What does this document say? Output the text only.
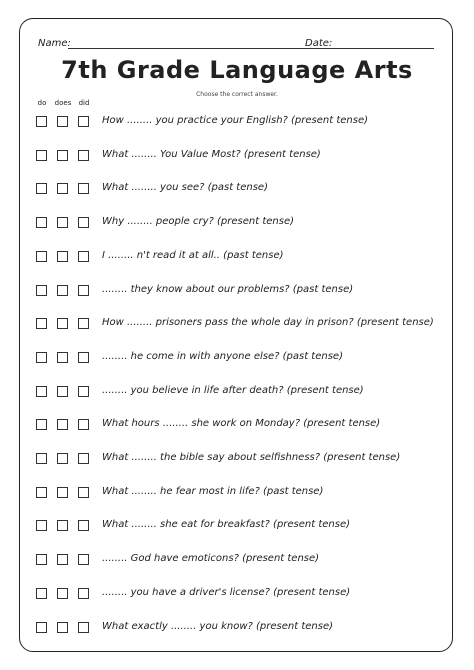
Name:	Date:
7th Grade Language Arts
Choose the correct answer.
do	does	did
How ........ you practice your English? (present tense)
What ........ You Value Most? (present tense)
What ........ you see? (past tense)
Why ........ people cry? (present tense)
I ........ n't read it at all.. (past tense)
........ they know about our problems? (past tense)
How ........ prisoners pass the whole day in prison? (present tense)
........ he come in with anyone else? (past tense)
........ you believe in life after death? (present tense)
What hours ........ she work on Monday? (present tense)
What ........ the bible say about selfishness? (present tense)
What ........ he fear most in life? (past tense)
What ........ she eat for breakfast? (present tense)
........ God have emoticons? (present tense)
........ you have a driver's license? (present tense)
What exactly ........ you know? (present tense)
